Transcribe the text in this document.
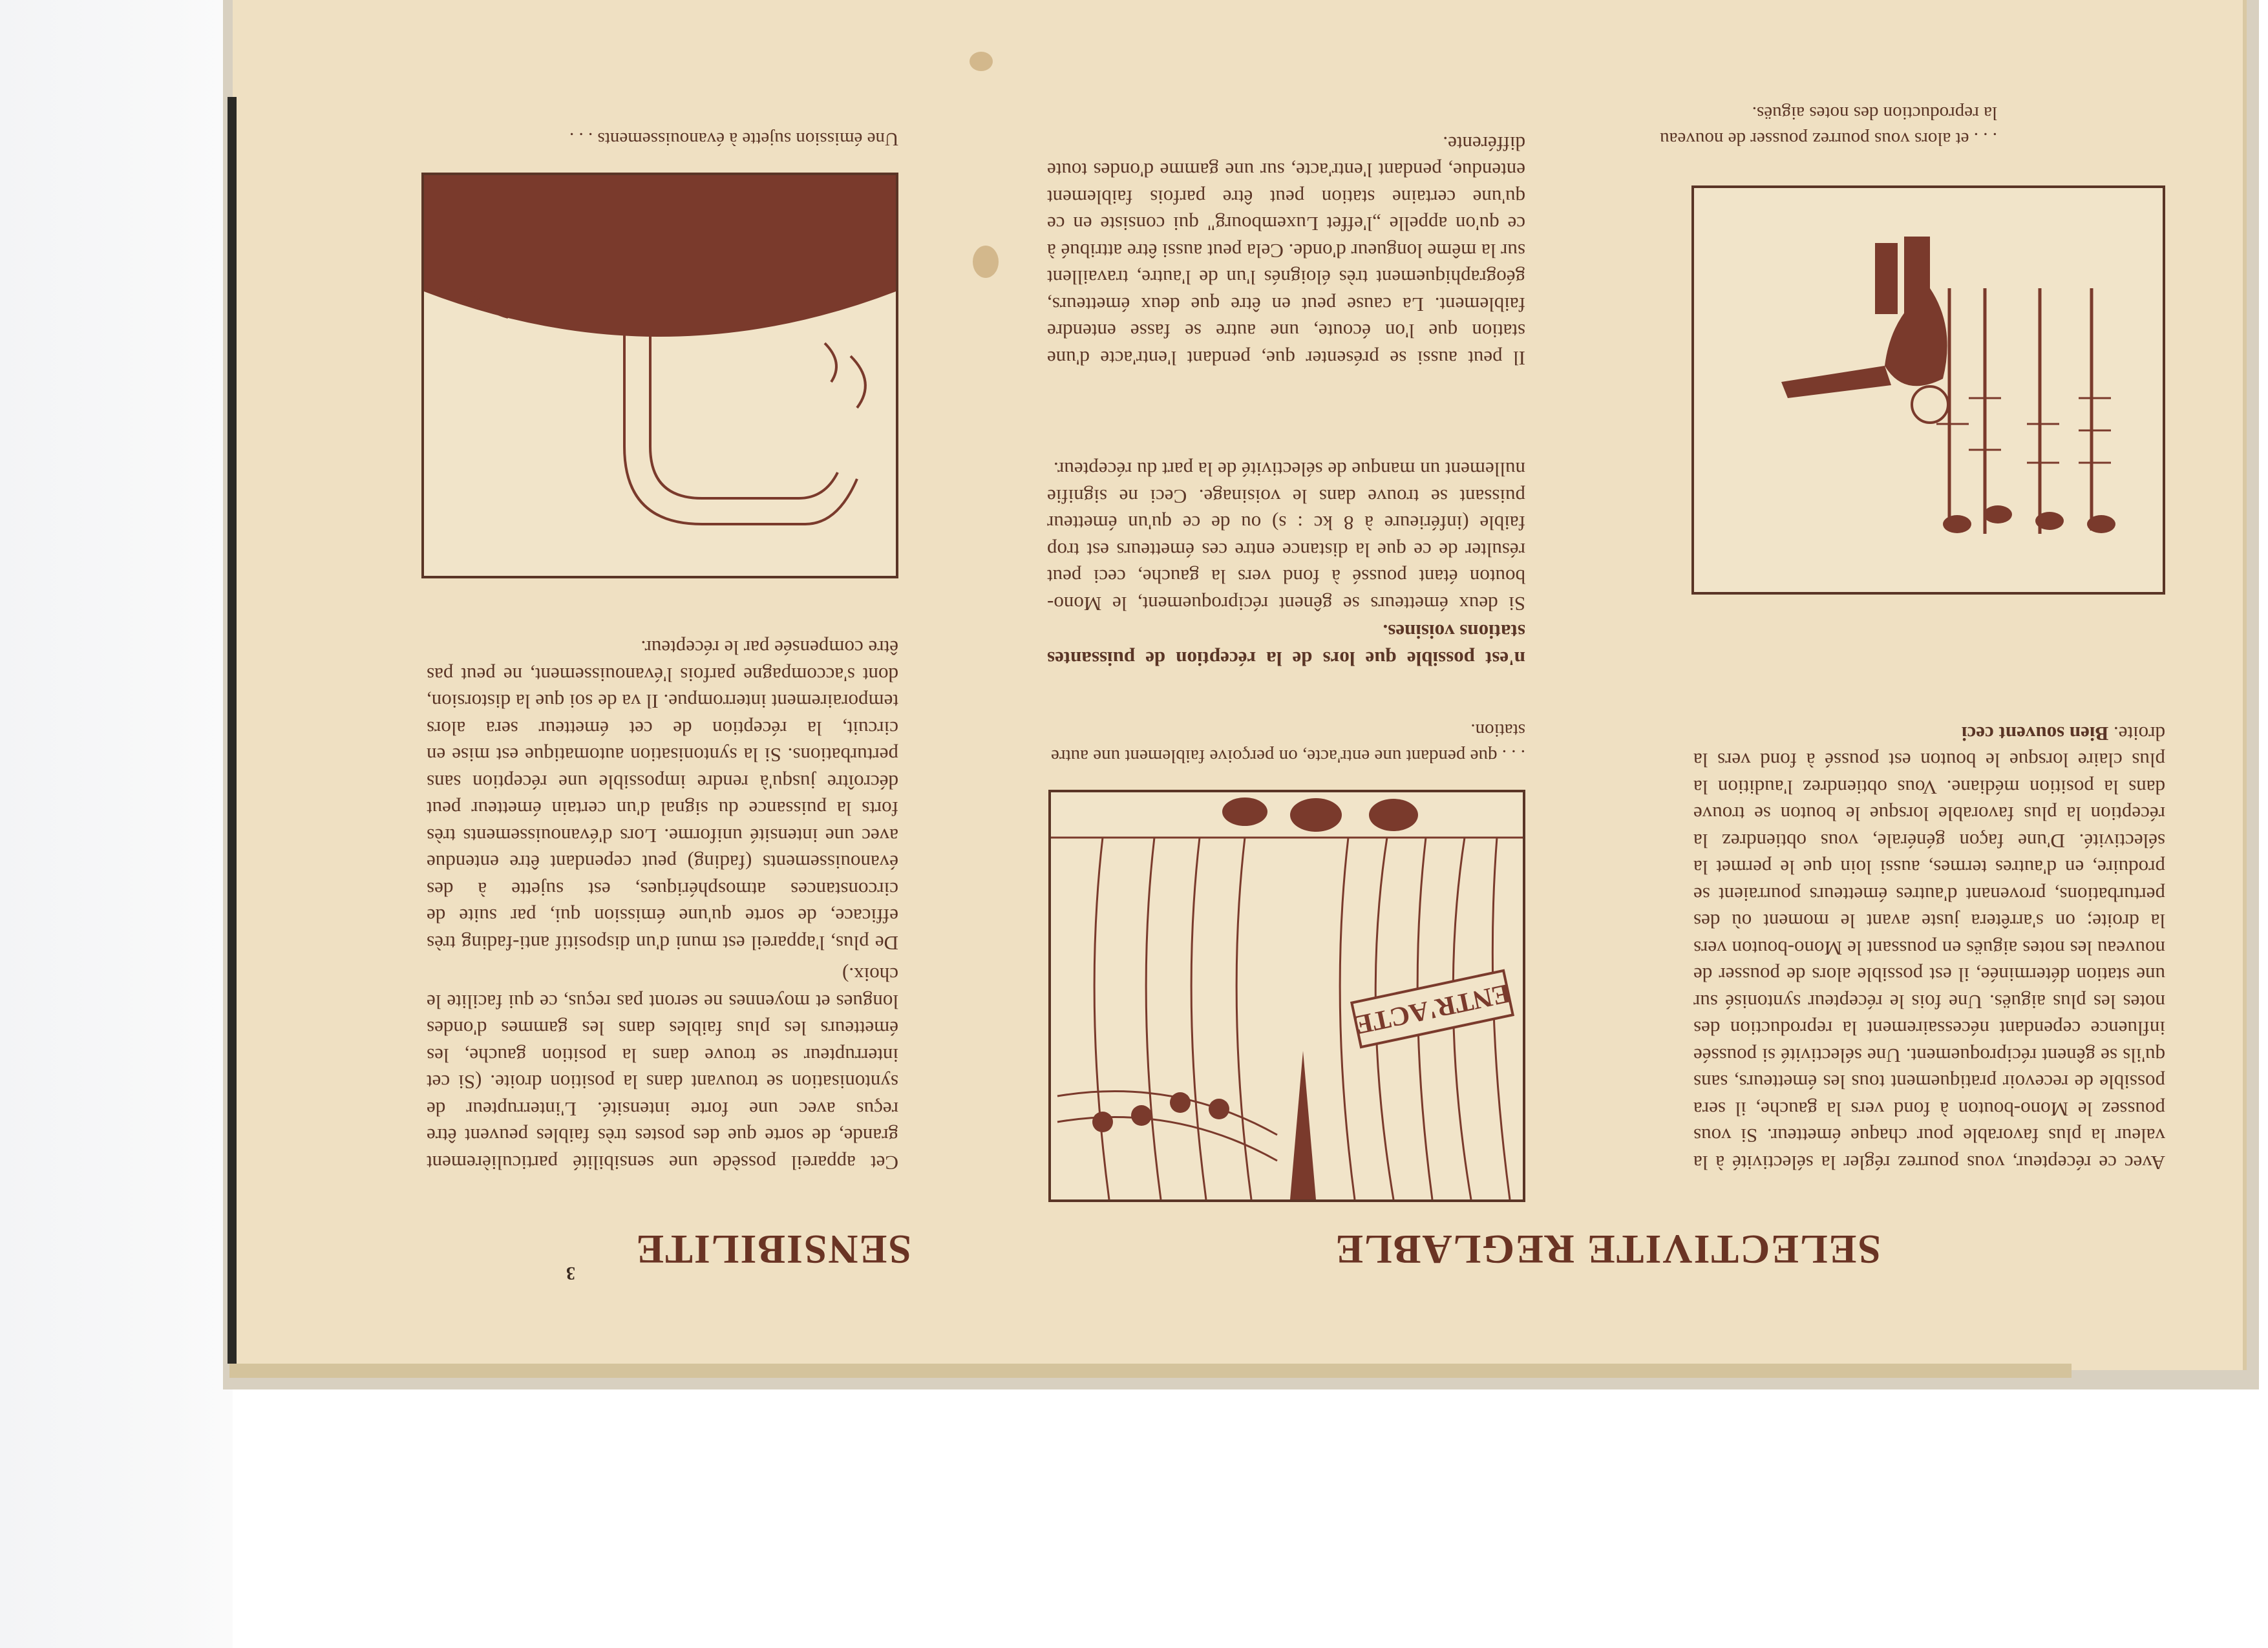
3
SELECTIVITE REGLABLE

Avec ce récepteur, vous pourrez régler la sélectivité à la valeur la plus favorable pour chaque émetteur. Si vous poussez le Mono-bouton à fond vers la gauche, il sera possible de recevoir pratiquement tous les émetteurs, sans qu'ils se gênent réciproquement. Une sélectivité si poussée influence cependant nécessairement la reproduction des notes les plus aiguës. Une fois le récepteur syntonisé sur une station déterminée, il est possible alors de pousser de nouveau les notes aiguës en poussant le Mono-bouton vers la droite; on s'arrêtera juste avant le moment où des perturbations, provenant d'autres émetteurs pourraient se produire, en d'autres termes, aussi loin que le permet la sélectivité. D'une façon générale, vous obtiendrez la réception la plus favorable lorsque le bouton se trouve dans la position médiane. Vous obtiendrez l'audition la plus claire lorsque le bouton est poussé à fond vers la droite. Bien souvent ceci

. . . et alors vous pourrez pousser de nouveau la reproduction des notes aiguës.

ENTR'ACTE

. . . que pendant une entr'acte, on perçoive faiblement une autre station.

n'est possible que lors de la réception de puissantes stations voisines.

Si deux émetteurs se gênent réciproquement, le Mono-bouton étant poussé à fond vers la gauche, ceci peut résulter de ce que la distance entre ces émetteurs est trop faible (inférieure à 8 kc : s) ou de ce qu'un émetteur puissant se trouve dans le voisinage. Ceci ne signifie nullement un manque de sélectivité de la part du récepteur.

Il peut aussi se présenter que, pendant l'entr'acte d'une station que l'on écoute, une autre se fasse entendre faiblement. La cause peut en être que deux émetteurs, géographiquement très éloignés l'un de l'autre, travaillent sur la même longueur d'onde. Cela peut aussi être attribué à ce qu'on appelle „l'effet Luxembourg" qui consiste en ce qu'une certaine station peut être parfois faiblement entendue, pendant l'entr'acte, sur une gamme d'ondes toute différente.

SENSIBILITE

Cet appareil possède une sensibilité particulièrement grande, de sorte que des postes très faibles peuvent être reçus avec une forte intensité. L'interrupteur de syntonisation se trouvant dans la position droite. (Si cet interrupteur se trouve dans la position gauche, les émetteurs les plus faibles dans les gammes d'ondes longues et moyennes ne seront pas reçus, ce qui facilite le choix.)

De plus, l'appareil est muni d'un dispositif anti-fading très efficace, de sorte qu'une émission qui, par suite de circonstances atmosphériques, est sujette à des évanouissements (fading) peut cependant être entendue avec une intensité uniforme. Lors d'évanouissements très forts la puissance du signal d'un certain émetteur peut décroître jusqu'à rendre impossible une réception sans perturbations. Si la syntonisation automatique est mise en circuit, la réception de cet émetteur sera alors temporairement interrompue. Il va de soi que la distorsion, dont s'accompagne parfois l'évanouissement, ne peut pas être compensée par le récepteur.

Une émission sujette à évanouissements . . .
